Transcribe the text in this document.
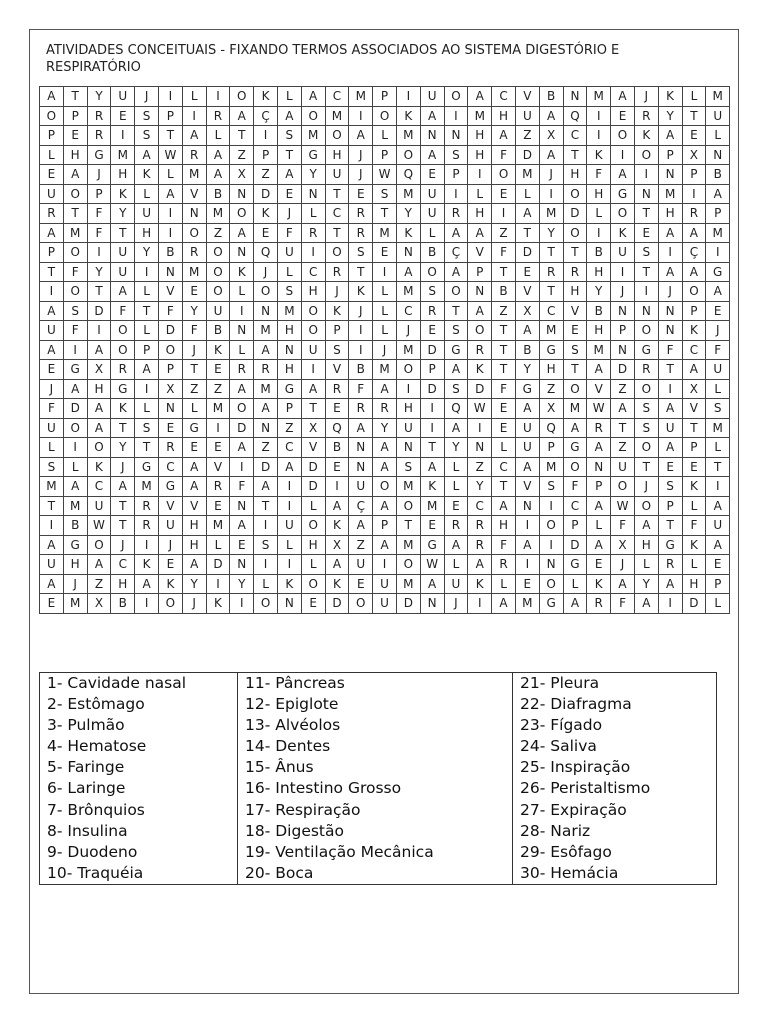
ATIVIDADES CONCEITUAIS - FIXANDO TERMOS ASSOCIADOS AO SISTEMA DIGESTÓRIO E RESPIRATÓRIO
A	T	Y	U	J	I	L	I	O	K	L	A	C	M	P	I	U	O	A	C	V	B	N	M	A	J	K	L	M
O	P	R	E	S	P	I	R	A	Ç	A	O	M	I	O	K	A	I	M	H	U	A	Q	I	E	R	Y	T	U
P	E	R	I	S	T	A	L	T	I	S	M	O	A	L	M	N	N	H	A	Z	X	C	I	O	K	A	E	L
L	H	G	M	A	W	R	A	Z	P	T	G	H	J	P	O	A	S	H	F	D	A	T	K	I	O	P	X	N
E	A	J	H	K	L	M	A	X	Z	A	Y	U	J	W	Q	E	P	I	O	M	J	H	F	A	I	N	P	B
U	O	P	K	L	A	V	B	N	D	E	N	T	E	S	M	U	I	L	E	L	I	O	H	G	N	M	I	A
R	T	F	Y	U	I	N	M	O	K	J	L	C	R	T	Y	U	R	H	I	A	M	D	L	O	T	H	R	P
A	M	F	T	H	I	O	Z	A	E	F	R	T	R	M	K	L	A	A	Z	T	Y	O	I	K	E	A	A	M
P	O	I	U	Y	B	R	O	N	Q	U	I	O	S	E	N	B	Ç	V	F	D	T	T	B	U	S	I	Ç	I
T	F	Y	U	I	N	M	O	K	J	L	C	R	T	I	A	O	A	P	T	E	R	R	H	I	T	A	A	G
I	O	T	A	L	V	E	O	L	O	S	H	J	K	L	M	S	O	N	B	V	T	H	Y	J	I	J	O	A
A	S	D	F	T	F	Y	U	I	N	M	O	K	J	L	C	R	T	A	Z	X	C	V	B	N	N	N	P	E
U	F	I	O	L	D	F	B	N	M	H	O	P	I	L	J	E	S	O	T	A	M	E	H	P	O	N	K	J
A	I	A	O	P	O	J	K	L	A	N	U	S	I	J	M	D	G	R	T	B	G	S	M	N	G	F	C	F
E	G	X	R	A	P	T	E	R	R	H	I	V	B	M	O	P	A	K	T	Y	H	T	A	D	R	T	A	U
J	A	H	G	I	X	Z	Z	A	M	G	A	R	F	A	I	D	S	D	F	G	Z	O	V	Z	O	I	X	L
F	D	A	K	L	N	L	M	O	A	P	T	E	R	R	H	I	Q	W	E	A	X	M	W	A	S	A	V	S
U	O	A	T	S	E	G	I	D	N	Z	X	Q	A	Y	U	I	A	I	E	U	Q	A	R	T	S	U	T	M
L	I	O	Y	T	R	E	E	A	Z	C	V	B	N	A	N	T	Y	N	L	U	P	G	A	Z	O	A	P	L
S	L	K	J	G	C	A	V	I	D	A	D	E	N	A	S	A	L	Z	C	A	M	O	N	U	T	E	E	T
M	A	C	A	M	G	A	R	F	A	I	D	I	U	O	M	K	L	Y	T	V	S	F	P	O	J	S	K	I
T	M	U	T	R	V	V	E	N	T	I	L	A	Ç	A	O	M	E	C	A	N	I	C	A	W	O	P	L	A
I	B	W	T	R	U	H	M	A	I	U	O	K	A	P	T	E	R	R	H	I	O	P	L	F	A	T	F	U
A	G	O	J	I	J	H	L	E	S	L	H	X	Z	A	M	G	A	R	F	A	I	D	A	X	H	G	K	A
U	H	A	C	K	E	A	D	N	I	I	L	A	U	I	O	W	L	A	R	I	N	G	E	J	L	R	L	E
A	J	Z	H	A	K	Y	I	Y	L	K	O	K	E	U	M	A	U	K	L	E	O	L	K	A	Y	A	H	P
E	M	X	B	I	O	J	K	I	O	N	E	D	O	U	D	N	J	I	A	M	G	A	R	F	A	I	D	L
1- Cavidade nasal	11- Pâncreas	21- Pleura
2- Estômago	12- Epiglote	22- Diafragma
3- Pulmão	13- Alvéolos	23- Fígado
4- Hematose	14- Dentes	24- Saliva
5- Faringe	15- Ânus	25- Inspiração
6- Laringe	16- Intestino Grosso	26- Peristaltismo
7- Brônquios	17- Respiração	27- Expiração
8- Insulina	18- Digestão	28- Nariz
9- Duodeno	19- Ventilação Mecânica	29- Esôfago
10- Traquéia	20- Boca	30- Hemácia
